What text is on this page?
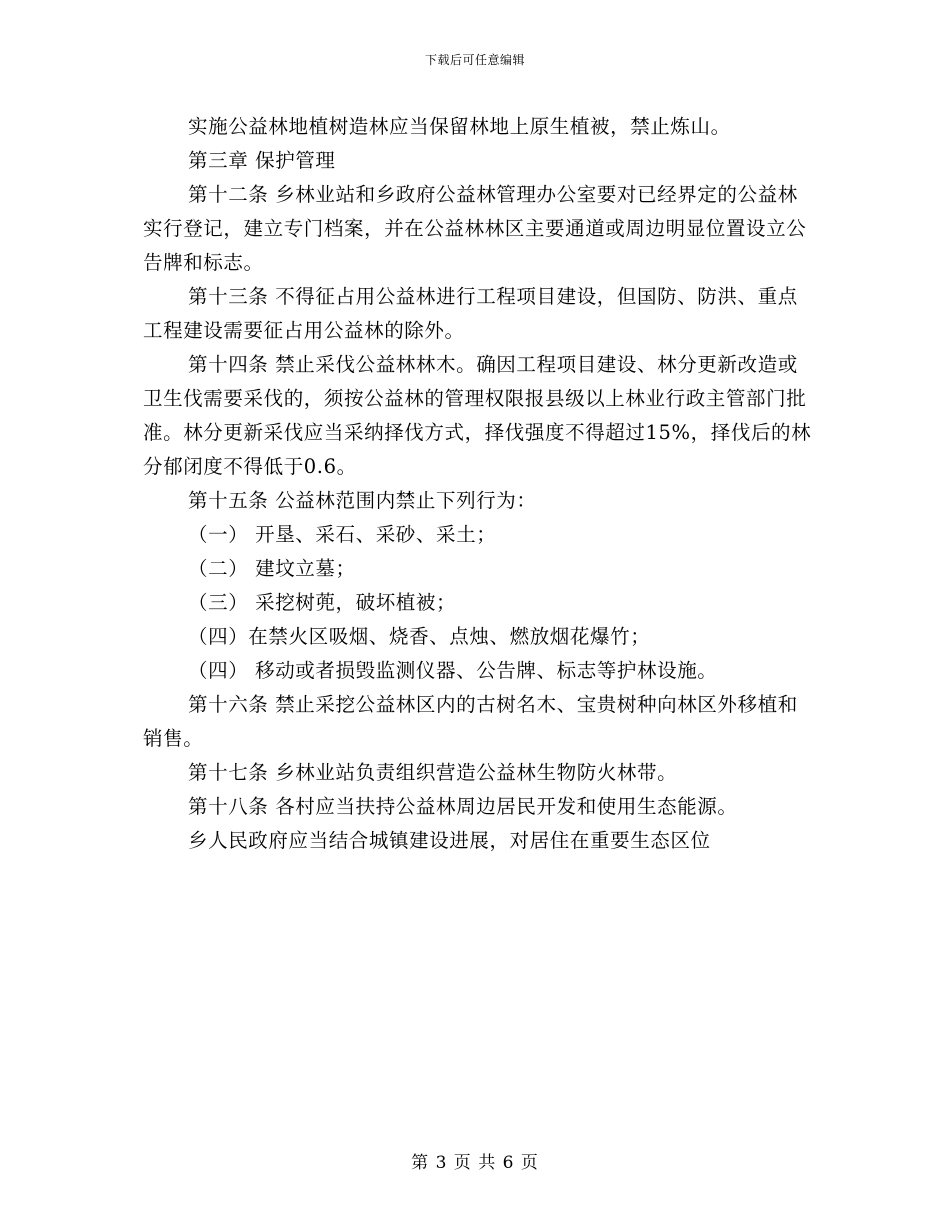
下载后可任意编辑

实施公益林地植树造林应当保留林地上原生植被，禁止炼山。

第三章 保护管理

第十二条 乡林业站和乡政府公益林管理办公室要对已经界定的公益林实行登记，建立专门档案，并在公益林林区主要通道或周边明显位置设立公告牌和标志。

第十三条 不得征占用公益林进行工程项目建设，但国防、防洪、重点工程建设需要征占用公益林的除外。

第十四条 禁止采伐公益林林木。确因工程项目建设、林分更新改造或卫生伐需要采伐的，须按公益林的管理权限报县级以上林业行政主管部门批准。林分更新采伐应当采纳择伐方式，择伐强度不得超过15%，择伐后的林分郁闭度不得低于0.6。

第十五条 公益林范围内禁止下列行为：

（一） 开垦、采石、采砂、采土；

（二） 建坟立墓；

（三） 采挖树蔸，破坏植被；

（四）在禁火区吸烟、烧香、点烛、燃放烟花爆竹；

（四） 移动或者损毁监测仪器、公告牌、标志等护林设施。

第十六条 禁止采挖公益林区内的古树名木、宝贵树种向林区外移植和销售。

第十七条 乡林业站负责组织营造公益林生物防火林带。

第十八条 各村应当扶持公益林周边居民开发和使用生态能源。

乡人民政府应当结合城镇建设进展，对居住在重要生态区位

第 3 页 共 6 页
